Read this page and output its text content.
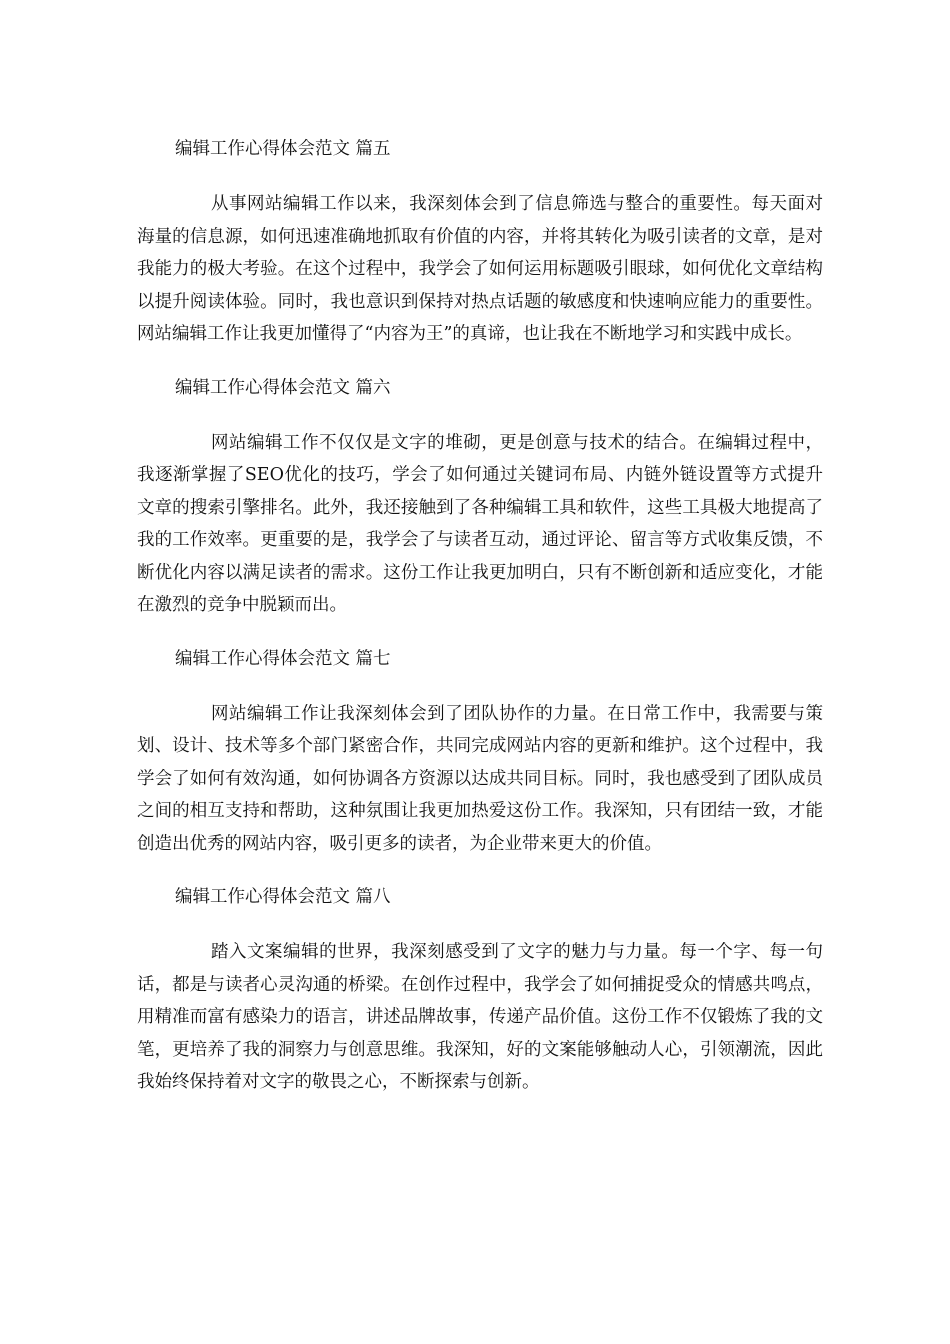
编辑工作心得体会范文 篇五

从事网站编辑工作以来，我深刻体会到了信息筛选与整合的重要性。每天面对海量的信息源，如何迅速准确地抓取有价值的内容，并将其转化为吸引读者的文章，是对我能力的极大考验。在这个过程中，我学会了如何运用标题吸引眼球，如何优化文章结构以提升阅读体验。同时，我也意识到保持对热点话题的敏感度和快速响应能力的重要性。网站编辑工作让我更加懂得了“内容为王”的真谛，也让我在不断地学习和实践中成长。

编辑工作心得体会范文 篇六

网站编辑工作不仅仅是文字的堆砌，更是创意与技术的结合。在编辑过程中，我逐渐掌握了SEO优化的技巧，学会了如何通过关键词布局、内链外链设置等方式提升文章的搜索引擎排名。此外，我还接触到了各种编辑工具和软件，这些工具极大地提高了我的工作效率。更重要的是，我学会了与读者互动，通过评论、留言等方式收集反馈，不断优化内容以满足读者的需求。这份工作让我更加明白，只有不断创新和适应变化，才能在激烈的竞争中脱颖而出。

编辑工作心得体会范文 篇七

网站编辑工作让我深刻体会到了团队协作的力量。在日常工作中，我需要与策划、设计、技术等多个部门紧密合作，共同完成网站内容的更新和维护。这个过程中，我学会了如何有效沟通，如何协调各方资源以达成共同目标。同时，我也感受到了团队成员之间的相互支持和帮助，这种氛围让我更加热爱这份工作。我深知，只有团结一致，才能创造出优秀的网站内容，吸引更多的读者，为企业带来更大的价值。

编辑工作心得体会范文 篇八

踏入文案编辑的世界，我深刻感受到了文字的魅力与力量。每一个字、每一句话，都是与读者心灵沟通的桥梁。在创作过程中，我学会了如何捕捉受众的情感共鸣点，用精准而富有感染力的语言，讲述品牌故事，传递产品价值。这份工作不仅锻炼了我的文笔，更培养了我的洞察力与创意思维。我深知，好的文案能够触动人心，引领潮流，因此我始终保持着对文字的敬畏之心，不断探索与创新。
